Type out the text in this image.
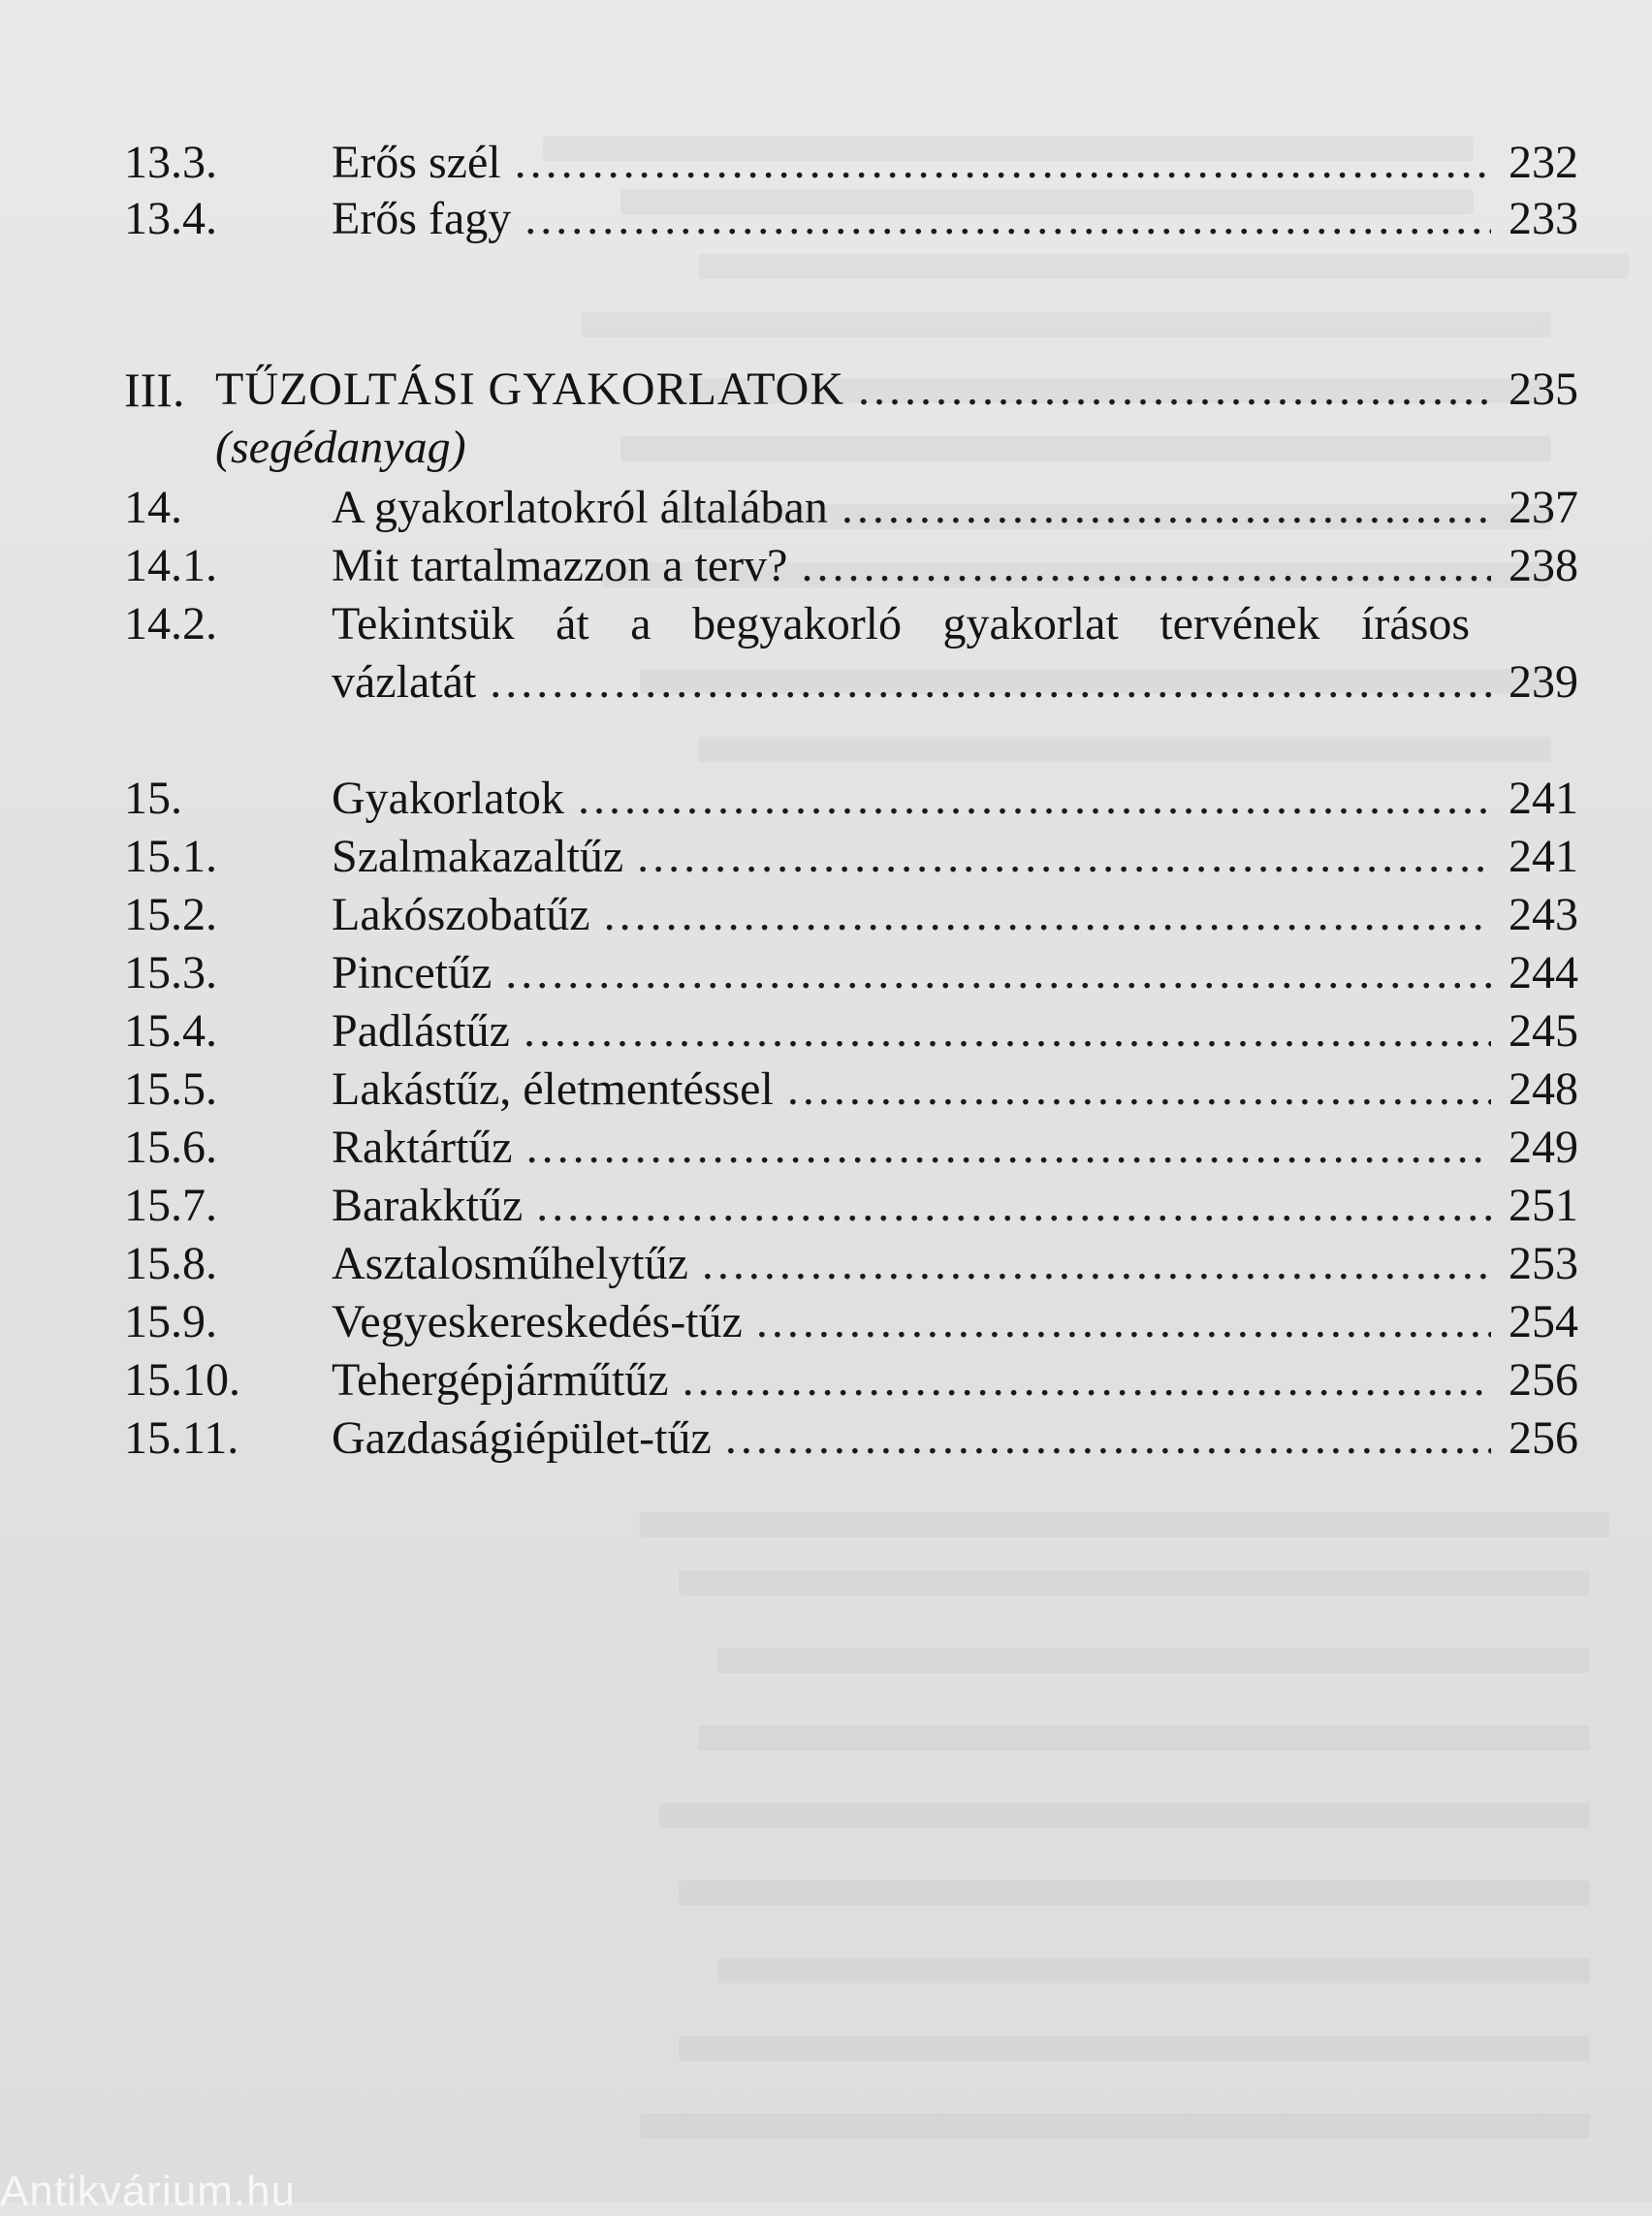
13.3. Erős szél . . .	232
13.4. Erős fagy . . .	233
III. TŰZOLTÁSI GYAKORLATOK . . .	235
(segédanyag)
14.	A gyakorlatokról általában . . .	237
14.1. Mit tartalmazzon a terv? . . .	238
14.2. Tekintsük át a begyakorló gyakorlat tervének írásos
vázlatát . . .	239
15.	Gyakorlatok . . .	241
15.1. Szalmakazaltűz . . .	241
15.2. Lakószobatűz . . .	243
15.3. Pincetűz . . .	244
15.4. Padlástűz . . .	245
15.5. Lakástűz, életmentéssel . . .	248
15.6. Raktártűz . . .	249
15.7. Barakktűz . . .	251
15.8. Asztalosműhelytűz . . .	253
15.9. Vegyeskereskedés-tűz . . .	254
15.10. Tehergépjárműtűz . . .	256
15.11. Gazdaságiépület-tűz . . .	256
Antikvárium.hu
